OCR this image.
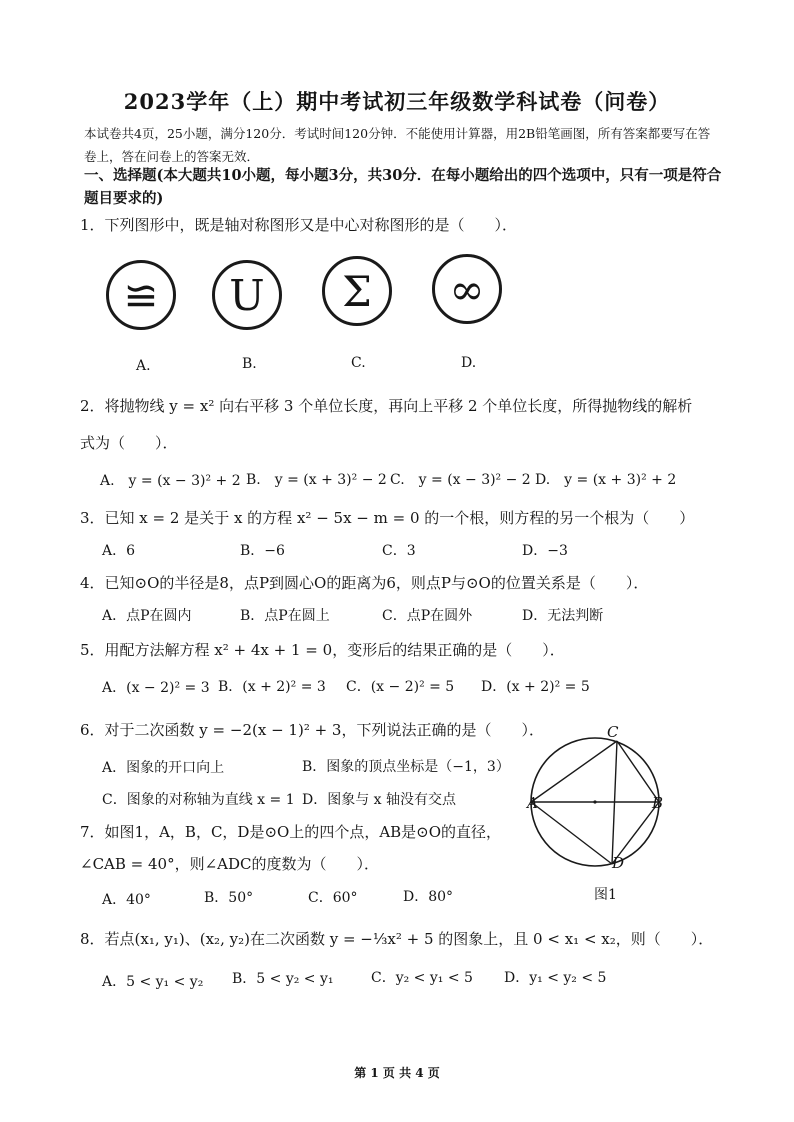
2023学年（上）期中考试初三年级数学科试卷（问卷）
本试卷共4页，25小题，满分120分．考试时间120分钟．不能使用计算器，用2B铅笔画图，所有答案都要写在答卷上，答在问卷上的答案无效．
一、选择题(本大题共10小题，每小题3分，共30分．在每小题给出的四个选项中，只有一项是符合题目要求的)
1．下列图形中，既是轴对称图形又是中心对称图形的是（　　）．
≌	U	Σ	∞
A.	B.	C.	D.
2．将抛物线 y = x² 向右平移 3 个单位长度，再向上平移 2 个单位长度，所得抛物线的解析
式为（　　）．
A.　y = (x − 3)² + 2 B.　y = (x + 3)² − 2 C.　y = (x − 3)² − 2 D.　y = (x + 3)² + 2
3．已知 x = 2 是关于 x 的方程 x² − 5x − m = 0 的一个根，则方程的另一个根为（　　）
A．6	B．−6	C．3	D．−3
4．已知⊙O的半径是8，点P到圆心O的距离为6，则点P与⊙O的位置关系是（　　）．
A．点P在圆内	B．点P在圆上	C．点P在圆外	D．无法判断
5．用配方法解方程 x² + 4x + 1 = 0，变形后的结果正确的是（　　）．
A．(x − 2)² = 3 B．(x + 2)² = 3 C．(x − 2)² = 5 D．(x + 2)² = 5
6．对于二次函数 y = −2(x − 1)² + 3，下列说法正确的是（　　）．
A．图象的开口向上	B．图象的顶点坐标是（−1，3）
C．图象的对称轴为直线 x = 1 D．图象与 x 轴没有交点
7．如图1，A，B，C，D是⊙O上的四个点，AB是⊙O的直径，
∠CAB = 40°，则∠ADC的度数为（　　）．
A．40°	B．50°	C．60°	D．80°
C
A	B
D
图1
8．若点(x₁, y₁)、(x₂, y₂)在二次函数 y = −⅓x² + 5 的图象上，且 0 < x₁ < x₂，则（　　）．
A．5 < y₁ < y₂ B．5 < y₂ < y₁	C．y₂ < y₁ < 5 D．y₁ < y₂ < 5
第 1 页 共 4 页
